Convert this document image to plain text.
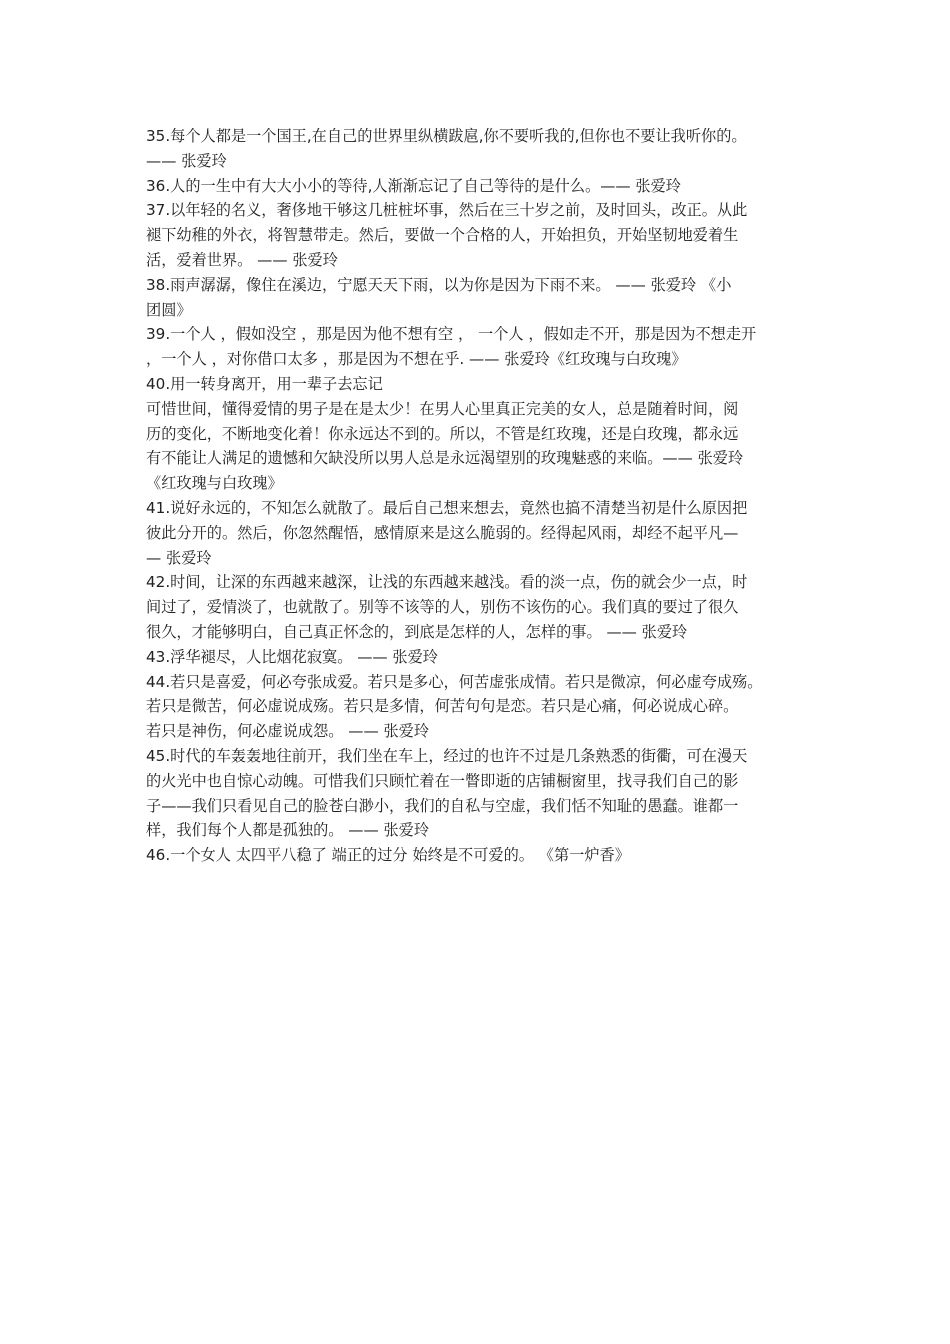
35.每个人都是一个国王,在自己的世界里纵横跋扈,你不要听我的,但你也不要让我听你的。
—— 张爱玲
36.人的一生中有大大小小的等待,人渐渐忘记了自己等待的是什么。—— 张爱玲
37.以年轻的名义，奢侈地干够这几桩桩坏事，然后在三十岁之前，及时回头，改正。从此
褪下幼稚的外衣，将智慧带走。然后，要做一个合格的人，开始担负，开始坚韧地爱着生
活，爱着世界。 —— 张爱玲
38.雨声潺潺，像住在溪边，宁愿天天下雨，以为你是因为下雨不来。 —— 张爱玲 《小
团圆》
39.一个人 ，假如没空 ，那是因为他不想有空 ， 一个人 ，假如走不开，那是因为不想走开
，一个人 ，对你借口太多 ，那是因为不想在乎. —— 张爱玲《红玫瑰与白玫瑰》
40.用一转身离开，用一辈子去忘记
可惜世间，懂得爱情的男子是在是太少！在男人心里真正完美的女人，总是随着时间，阅
历的变化，不断地变化着！你永远达不到的。所以，不管是红玫瑰，还是白玫瑰，都永远
有不能让人满足的遗憾和欠缺没所以男人总是永远渴望别的玫瑰魅惑的来临。—— 张爱玲
《红玫瑰与白玫瑰》
41.说好永远的，不知怎么就散了。最后自己想来想去，竟然也搞不清楚当初是什么原因把
彼此分开的。然后，你忽然醒悟，感情原来是这么脆弱的。经得起风雨，却经不起平凡—
— 张爱玲
42.时间，让深的东西越来越深，让浅的东西越来越浅。看的淡一点，伤的就会少一点，时
间过了，爱情淡了，也就散了。别等不该等的人，别伤不该伤的心。我们真的要过了很久
很久，才能够明白，自己真正怀念的，到底是怎样的人，怎样的事。 —— 张爱玲
43.浮华褪尽，人比烟花寂寞。 —— 张爱玲
44.若只是喜爱，何必夸张成爱。若只是多心，何苦虚张成情。若只是微凉，何必虚夸成殇。
若只是微苦，何必虚说成殇。若只是多情，何苦句句是恋。若只是心痛，何必说成心碎。
若只是神伤，何必虚说成怨。 —— 张爱玲
45.时代的车轰轰地往前开，我们坐在车上，经过的也许不过是几条熟悉的街衢，可在漫天
的火光中也自惊心动魄。可惜我们只顾忙着在一瞥即逝的店铺橱窗里，找寻我们自己的影
子——我们只看见自己的脸苍白渺小，我们的自私与空虚，我们恬不知耻的愚蠢。谁都一
样，我们每个人都是孤独的。 —— 张爱玲
46.一个女人 太四平八稳了 端正的过分 始终是不可爱的。 《第一炉香》
